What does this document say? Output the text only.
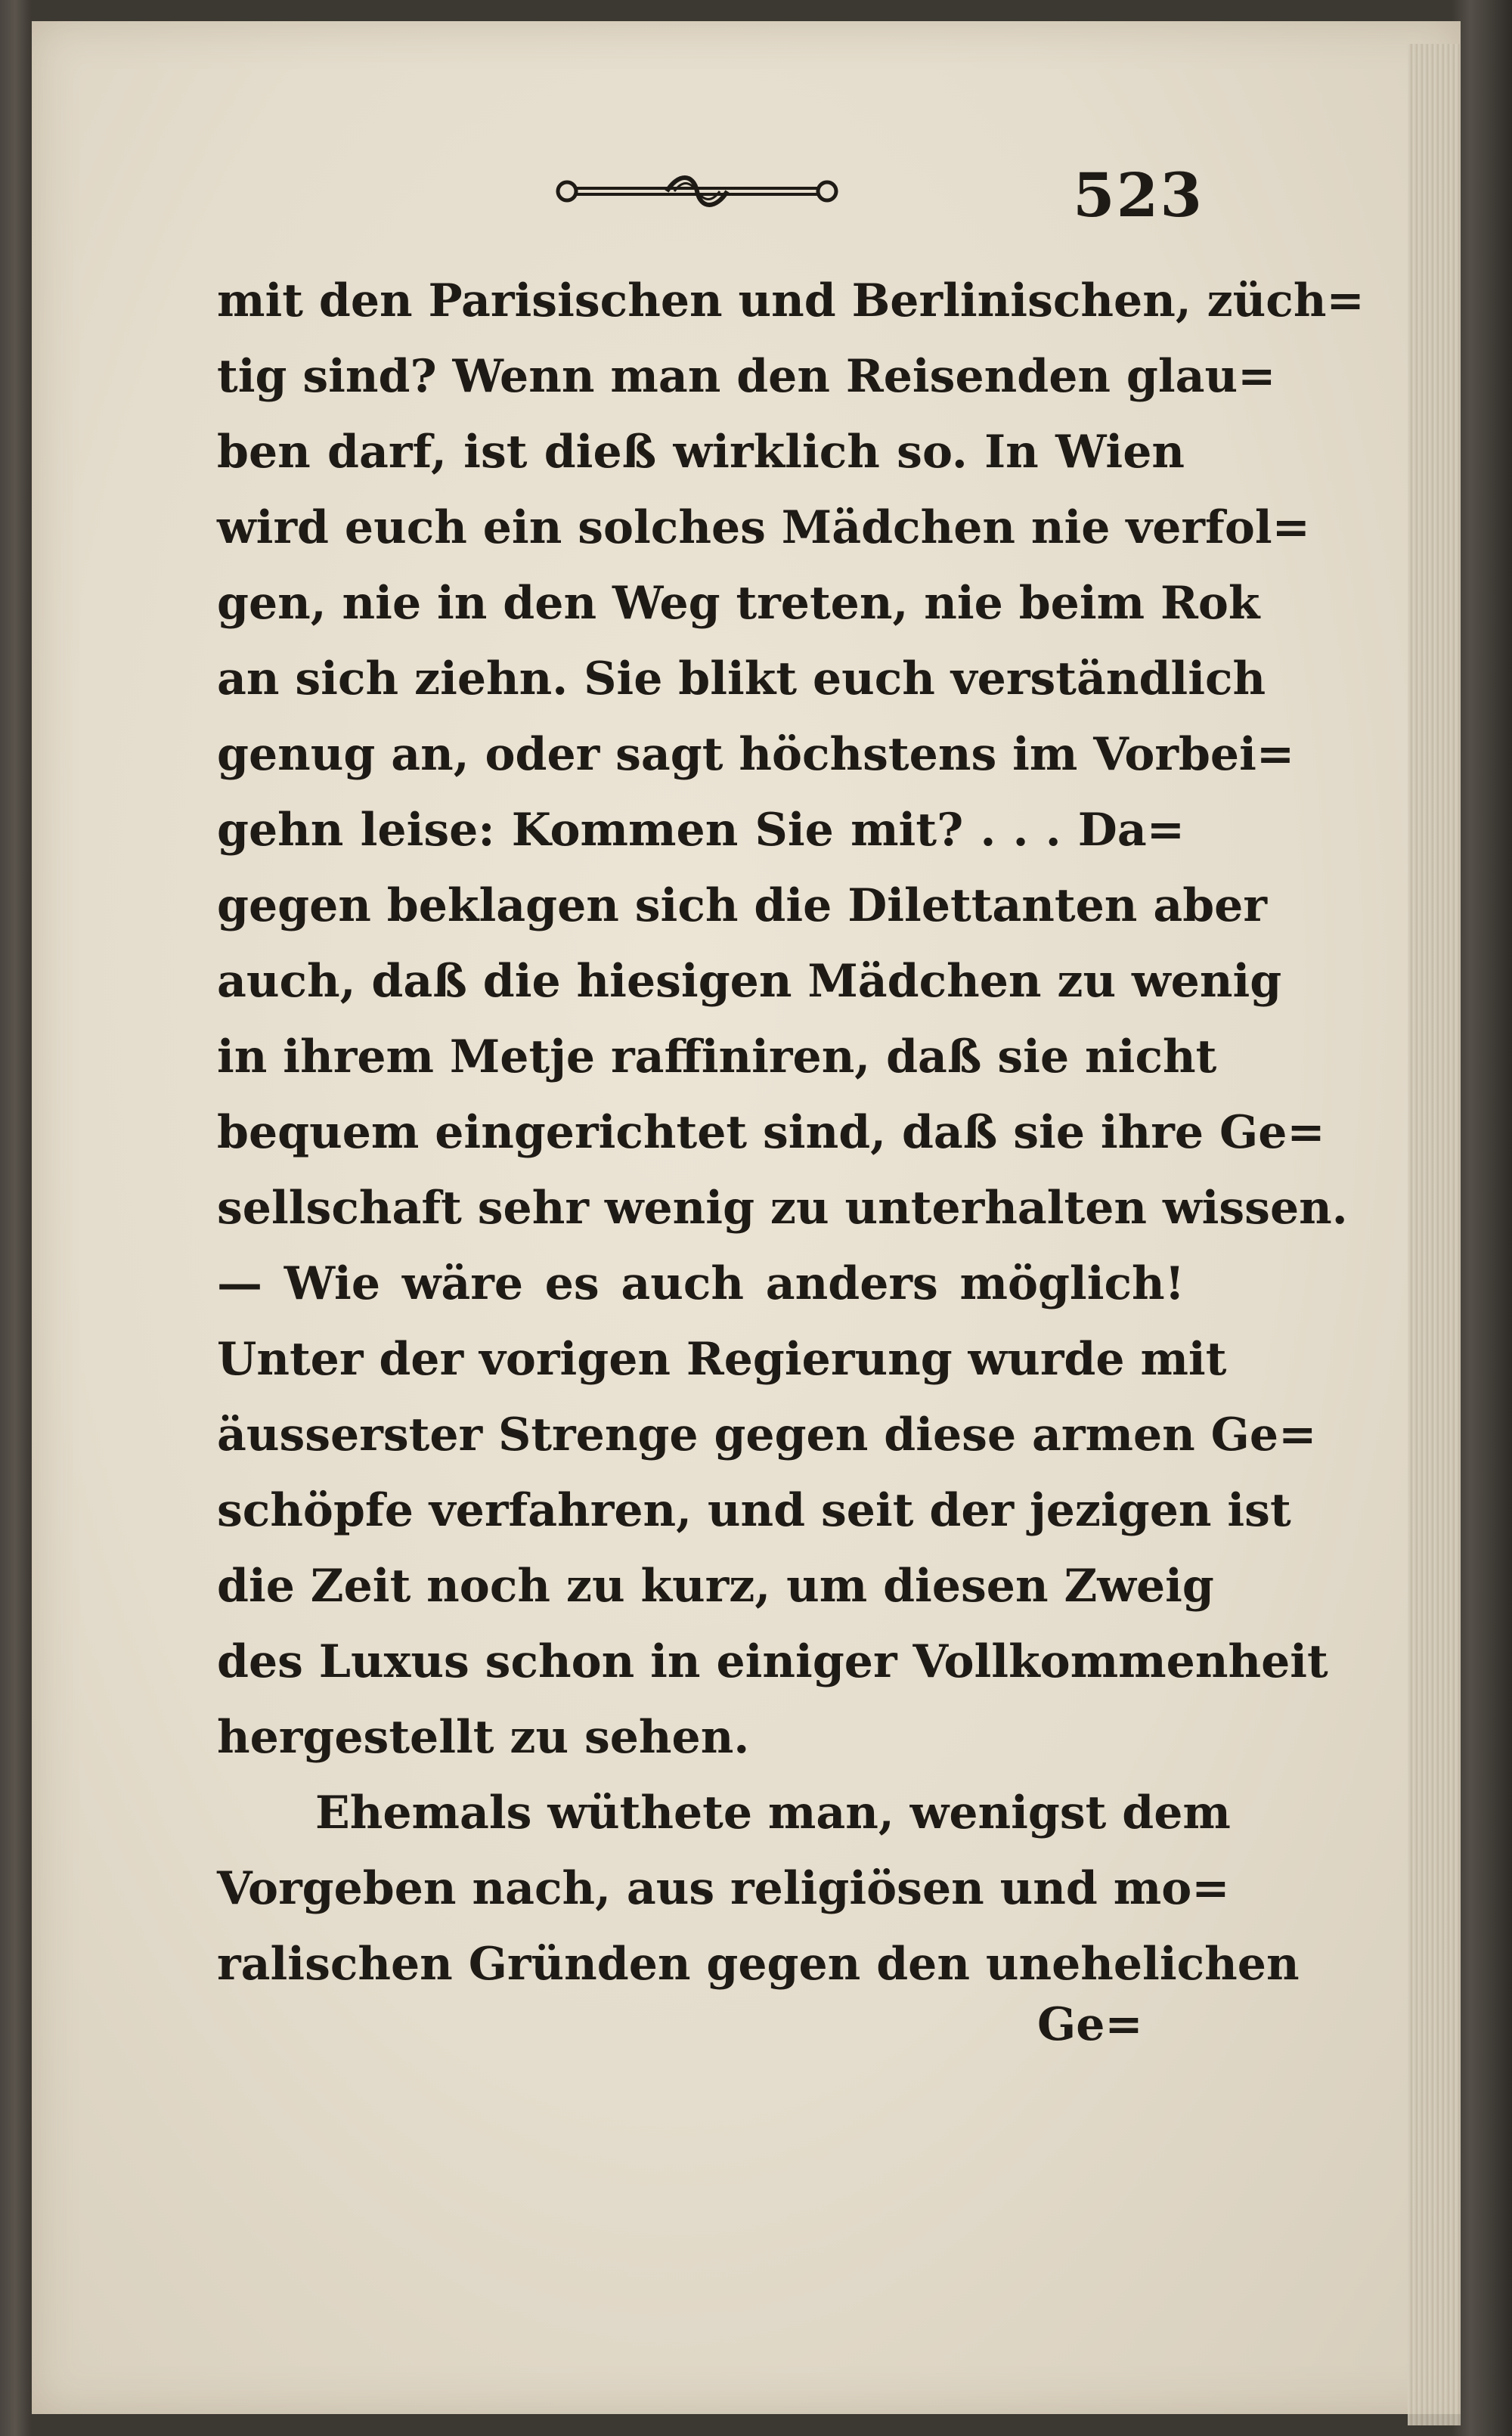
523
mit den Parisischen und Berlinischen, züch=
tig sind? Wenn man den Reisenden glau=
ben darf, ist dieß wirklich so. In Wien
wird euch ein solches Mädchen nie verfol=
gen, nie in den Weg treten, nie beim Rok
an sich ziehn. Sie blikt euch verständlich
genug an, oder sagt höchstens im Vorbei=
gehn leise: Kommen Sie mit? . . . Da=
gegen beklagen sich die Dilettanten aber
auch, daß die hiesigen Mädchen zu wenig
in ihrem Metje raffiniren, daß sie nicht
bequem eingerichtet sind, daß sie ihre Ge=
sellschaft sehr wenig zu unterhalten wissen.
— Wie wäre es auch anders möglich!
Unter der vorigen Regierung wurde mit
äusserster Strenge gegen diese armen Ge=
schöpfe verfahren, und seit der jezigen ist
die Zeit noch zu kurz, um diesen Zweig
des Luxus schon in einiger Vollkommenheit
hergestellt zu sehen.
Ehemals wüthete man, wenigst dem
Vorgeben nach, aus religiösen und mo=
ralischen Gründen gegen den unehelichen
Ge=
